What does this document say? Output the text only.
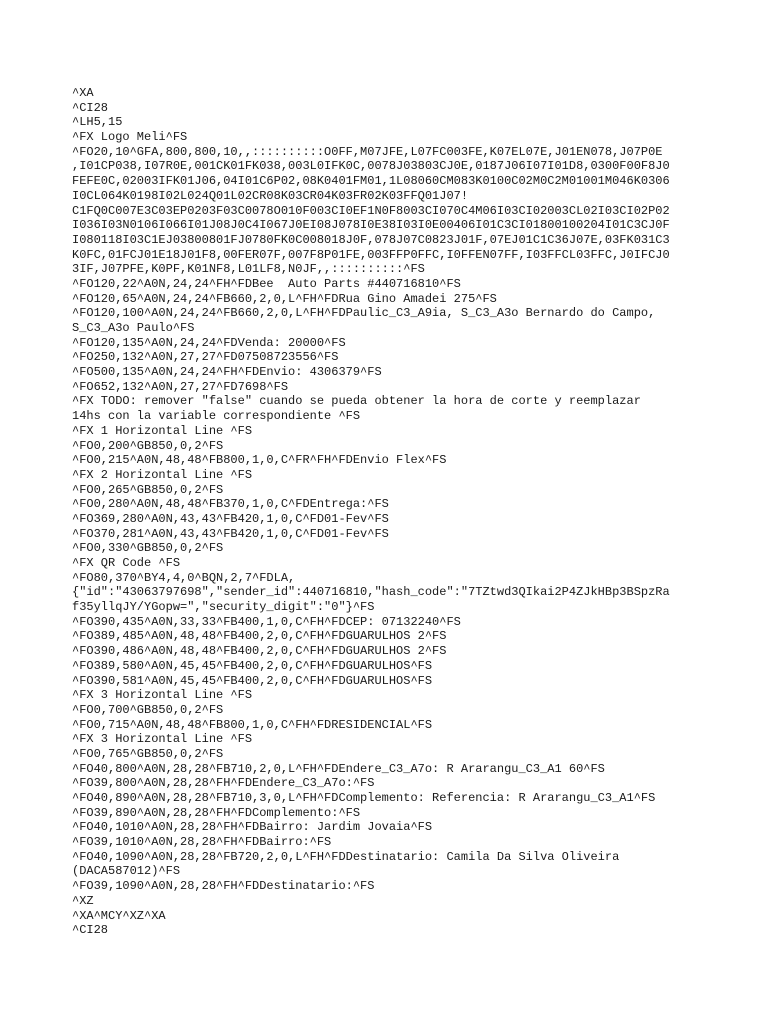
^XA
^CI28
^LH5,15
^FX Logo Meli^FS
^FO20,10^GFA,800,800,10,,::::::::::O0FF,M07JFE,L07FC003FE,K07EL07E,J01EN078,J07P0E
,I01CP038,I07R0E,001CK01FK038,003L0IFK0C,0078J03803CJ0E,0187J06I07I01D8,0300F00F8J0
FEFE0C,02003IFK01J06,04I01C6P02,08K0401FM01,1L08060CM083K0100C02M0C2M01001M046K0306
I0CL064K0198I02L024Q01L02CR08K03CR04K03FR02K03FFQ01J07!
C1FQ0C007E3C03EP0203F03C0078O010F003CI0EF1N0F8003CI070C4M06I03CI02003CL02I03CI02P02
I036I03N0106I066I01J08J0C4I067J0EI08J078I0E38I03I0E00406I01C3CI01800100204I01C3CJ0F
I080118I03C1EJ03800801FJ0780FK0C008018J0F,078J07C0823J01F,07EJ01C1C36J07E,03FK031C3
K0FC,01FCJ01E18J01F8,00FER07F,007F8P01FE,003FFP0FFC,I0FFEN07FF,I03FFCL03FFC,J0IFCJ0
3IF,J07PFE,K0PF,K01NF8,L01LF8,N0JF,,::::::::::^FS
^FO120,22^A0N,24,24^FH^FDBee  Auto Parts #440716810^FS
^FO120,65^A0N,24,24^FB660,2,0,L^FH^FDRua Gino Amadei 275^FS
^FO120,100^A0N,24,24^FB660,2,0,L^FH^FDPaulic_C3_A9ia, S_C3_A3o Bernardo do Campo,
S_C3_A3o Paulo^FS
^FO120,135^A0N,24,24^FDVenda: 20000^FS
^FO250,132^A0N,27,27^FD07508723556^FS
^FO500,135^A0N,24,24^FH^FDEnvio: 4306379^FS
^FO652,132^A0N,27,27^FD7698^FS
^FX TODO: remover "false" cuando se pueda obtener la hora de corte y reemplazar
14hs con la variable correspondiente ^FS
^FX 1 Horizontal Line ^FS
^FO0,200^GB850,0,2^FS
^FO0,215^A0N,48,48^FB800,1,0,C^FR^FH^FDEnvio Flex^FS
^FX 2 Horizontal Line ^FS
^FO0,265^GB850,0,2^FS
^FO0,280^A0N,48,48^FB370,1,0,C^FDEntrega:^FS
^FO369,280^A0N,43,43^FB420,1,0,C^FD01-Fev^FS
^FO370,281^A0N,43,43^FB420,1,0,C^FD01-Fev^FS
^FO0,330^GB850,0,2^FS
^FX QR Code ^FS
^FO80,370^BY4,4,0^BQN,2,7^FDLA,
{"id":"43063797698","sender_id":440716810,"hash_code":"7TZtwd3QIkai2P4ZJkHBp3BSpzRa
f35yllqJY/YGopw=","security_digit":"0"}^FS
^FO390,435^A0N,33,33^FB400,1,0,C^FH^FDCEP: 07132240^FS
^FO389,485^A0N,48,48^FB400,2,0,C^FH^FDGUARULHOS 2^FS
^FO390,486^A0N,48,48^FB400,2,0,C^FH^FDGUARULHOS 2^FS
^FO389,580^A0N,45,45^FB400,2,0,C^FH^FDGUARULHOS^FS
^FO390,581^A0N,45,45^FB400,2,0,C^FH^FDGUARULHOS^FS
^FX 3 Horizontal Line ^FS
^FO0,700^GB850,0,2^FS
^FO0,715^A0N,48,48^FB800,1,0,C^FH^FDRESIDENCIAL^FS
^FX 3 Horizontal Line ^FS
^FO0,765^GB850,0,2^FS
^FO40,800^A0N,28,28^FB710,2,0,L^FH^FDEndere_C3_A7o: R Ararangu_C3_A1 60^FS
^FO39,800^A0N,28,28^FH^FDEndere_C3_A7o:^FS
^FO40,890^A0N,28,28^FB710,3,0,L^FH^FDComplemento: Referencia: R Ararangu_C3_A1^FS
^FO39,890^A0N,28,28^FH^FDComplemento:^FS
^FO40,1010^A0N,28,28^FH^FDBairro: Jardim Jovaia^FS
^FO39,1010^A0N,28,28^FH^FDBairro:^FS
^FO40,1090^A0N,28,28^FB720,2,0,L^FH^FDDestinatario: Camila Da Silva Oliveira
(DACA587012)^FS
^FO39,1090^A0N,28,28^FH^FDDestinatario:^FS
^XZ
^XA^MCY^XZ^XA
^CI28
